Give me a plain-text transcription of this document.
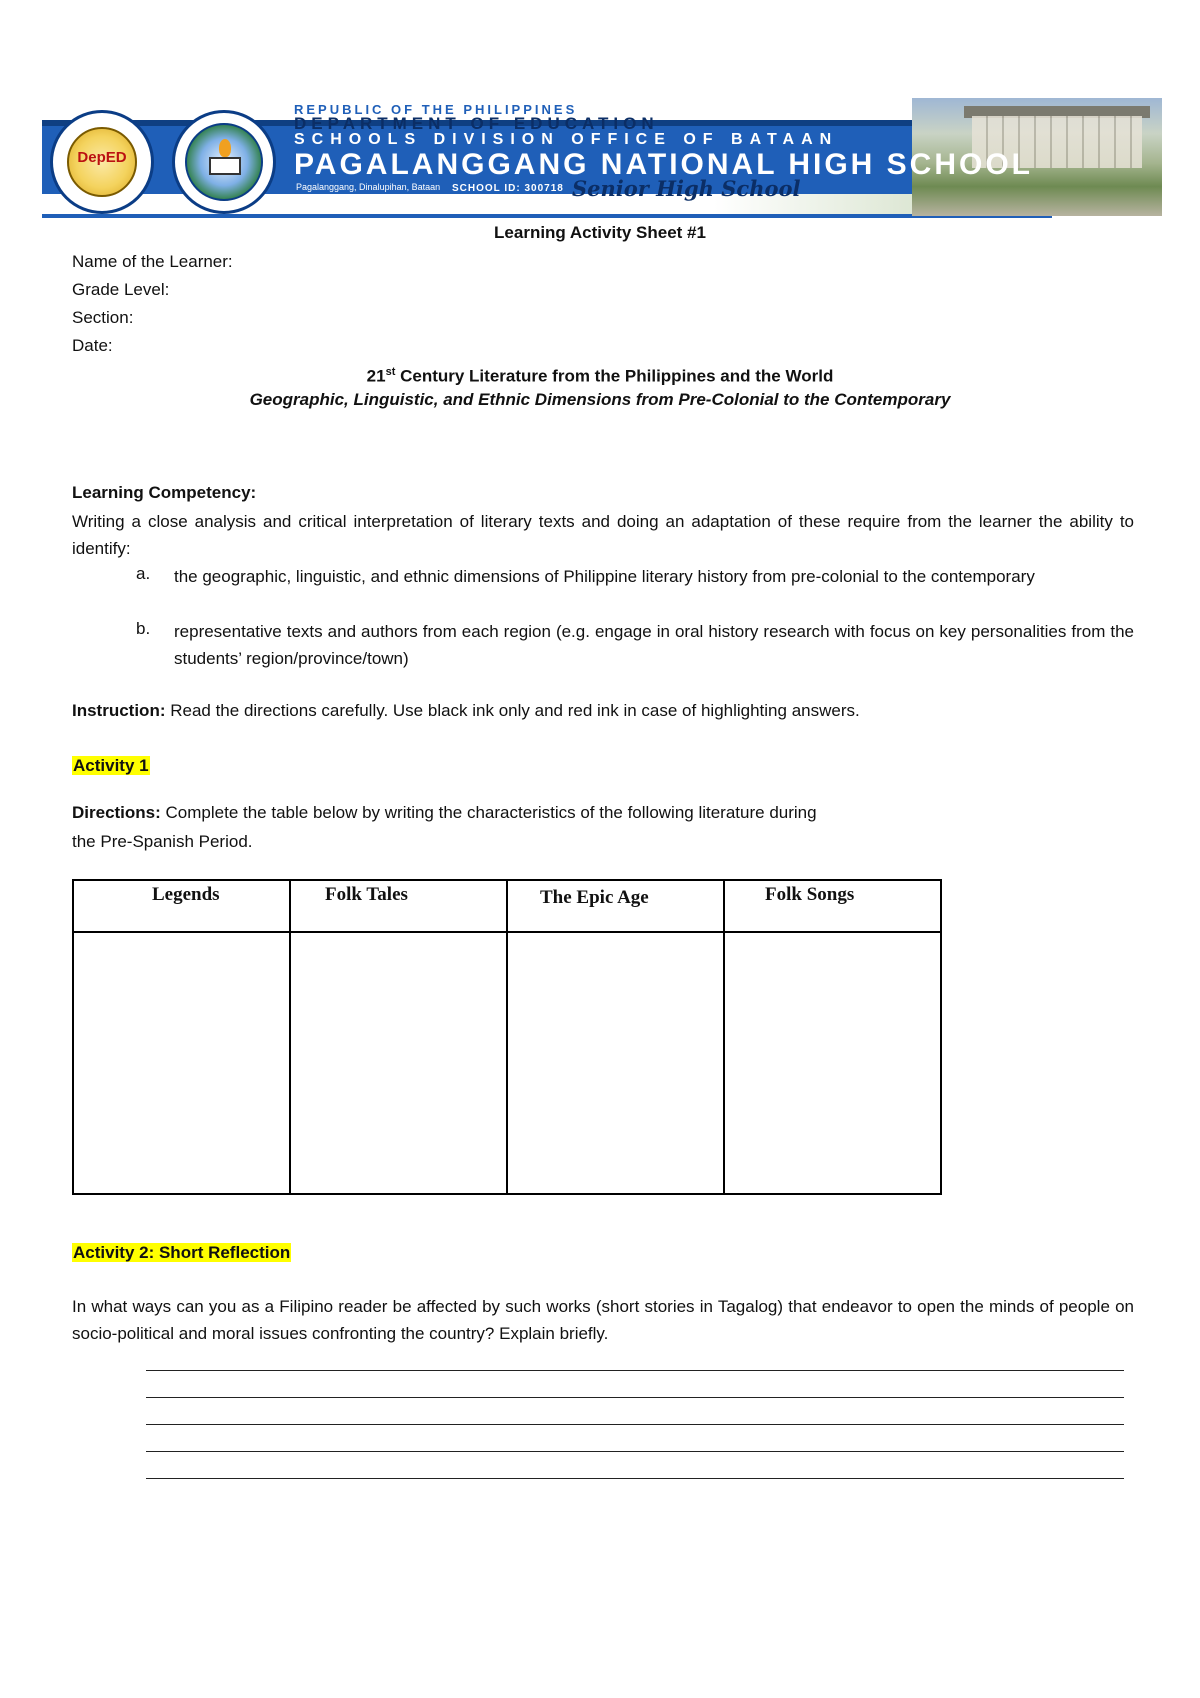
DepED
REPUBLIC OF THE PHILIPPINES
DEPARTMENT OF EDUCATION
SCHOOLS DIVISION OFFICE OF BATAAN
PAGALANGGANG NATIONAL HIGH SCHOOL
Pagalanggang, Dinalupihan, Bataan SCHOOL ID: 300718 Senior High School
Learning Activity Sheet #1
Name of the Learner:
Grade Level:
Section:
Date:
21st Century Literature from the Philippines and the World
Geographic, Linguistic, and Ethnic Dimensions from Pre-Colonial to the Contemporary
Learning Competency:
Writing a close analysis and critical interpretation of literary texts and doing an adaptation of these require from the learner the ability to identify:
a. the geographic, linguistic, and ethnic dimensions of Philippine literary history from pre-colonial to the contemporary
b. representative texts and authors from each region (e.g. engage in oral history research with focus on key personalities from the students’ region/province/town)
Instruction: Read the directions carefully. Use black ink only and red ink in case of highlighting answers.
Activity 1
Directions: Complete the table below by writing the characteristics of the following literature during
the Pre-Spanish Period.
Legends	Folk Tales	The Epic Age	Folk Songs

Activity 2: Short Reflection
In what ways can you as a Filipino reader be affected by such works (short stories in Tagalog) that endeavor to open the minds of people on socio-political and moral issues confronting the country? Explain briefly.
